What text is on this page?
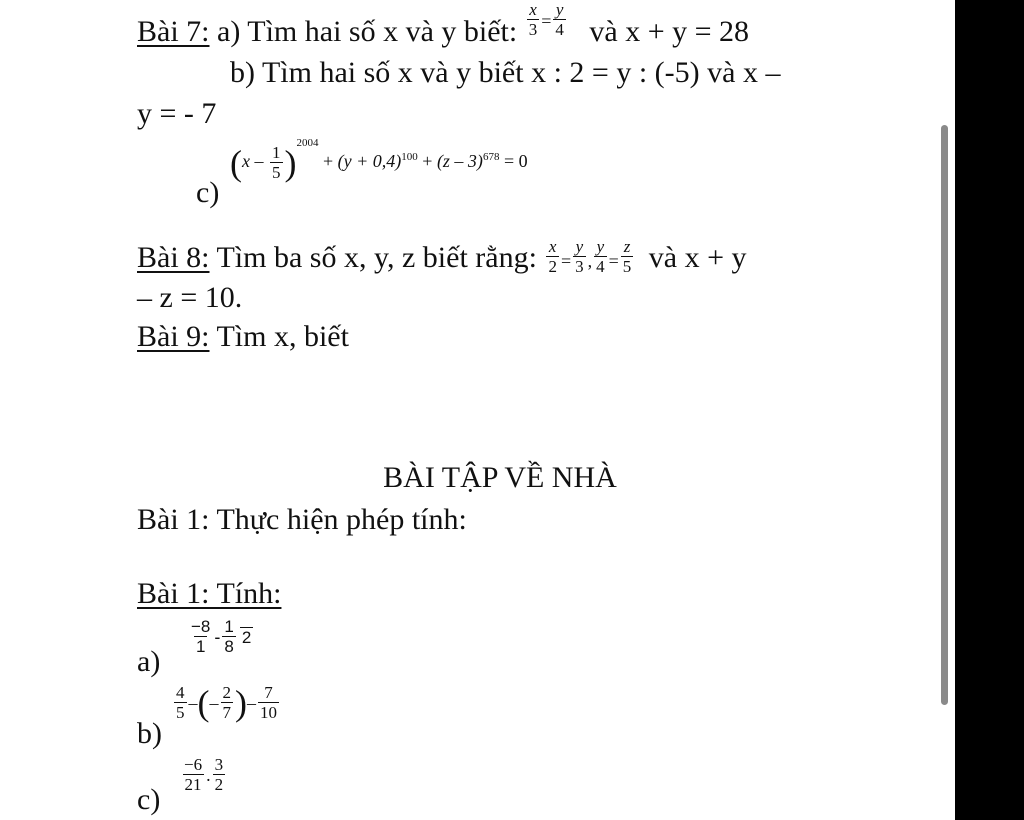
Bài 7: a) Tìm hai số x và y biết: $\frac{x}{3} ^= \frac{y}{4}$ và x + y = 28
b) Tìm hai số x và y biết x : 2 = y : (-5) và x –
y = - 7
c)
$(x - \frac{1}{5} )^{2004} + (y + 0,4)^{100} + (z - 3)^{678} = 0$
Bài 8: Tìm ba số x, y, z biết rằng: $\frac{x}{2} = \frac{y}{3}$ , $\frac{y}{4} = \frac{z}{5}$ và x + y
– z = 10.
Bài 9: Tìm x, biết
BÀI TẬP VỀ NHÀ
Bài 1: Thực hiện phép tính:
Bài 1: Tính:
a)
$\frac{-8}{1} - \frac{1}{8} 2$
b)
$\frac{4}{5}$ –(– $\frac{2}{7}$ )– $\frac{7}{10}$
c)
$\frac{-6}{21}$ . $\frac{3}{2}$
